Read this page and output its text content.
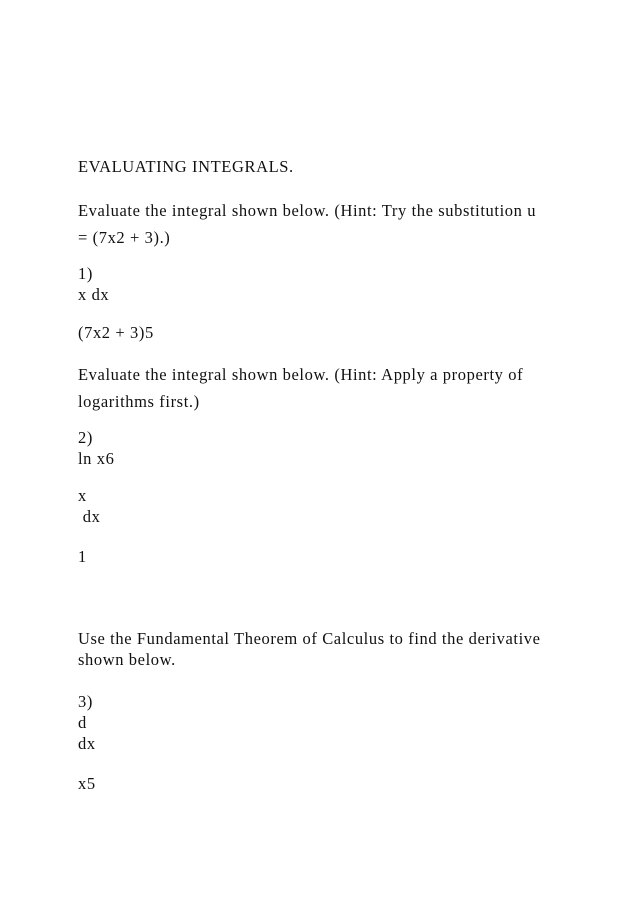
EVALUATING INTEGRALS.
Evaluate the integral shown below. (Hint: Try the substitution u
= (7x2 + 3).)
1)
x dx
(7x2 + 3)5
Evaluate the integral shown below. (Hint: Apply a property of
logarithms first.)
2)
ln x6
x
dx
1
Use the Fundamental Theorem of Calculus to find the derivative
shown below.
3)
d
dx
x5
